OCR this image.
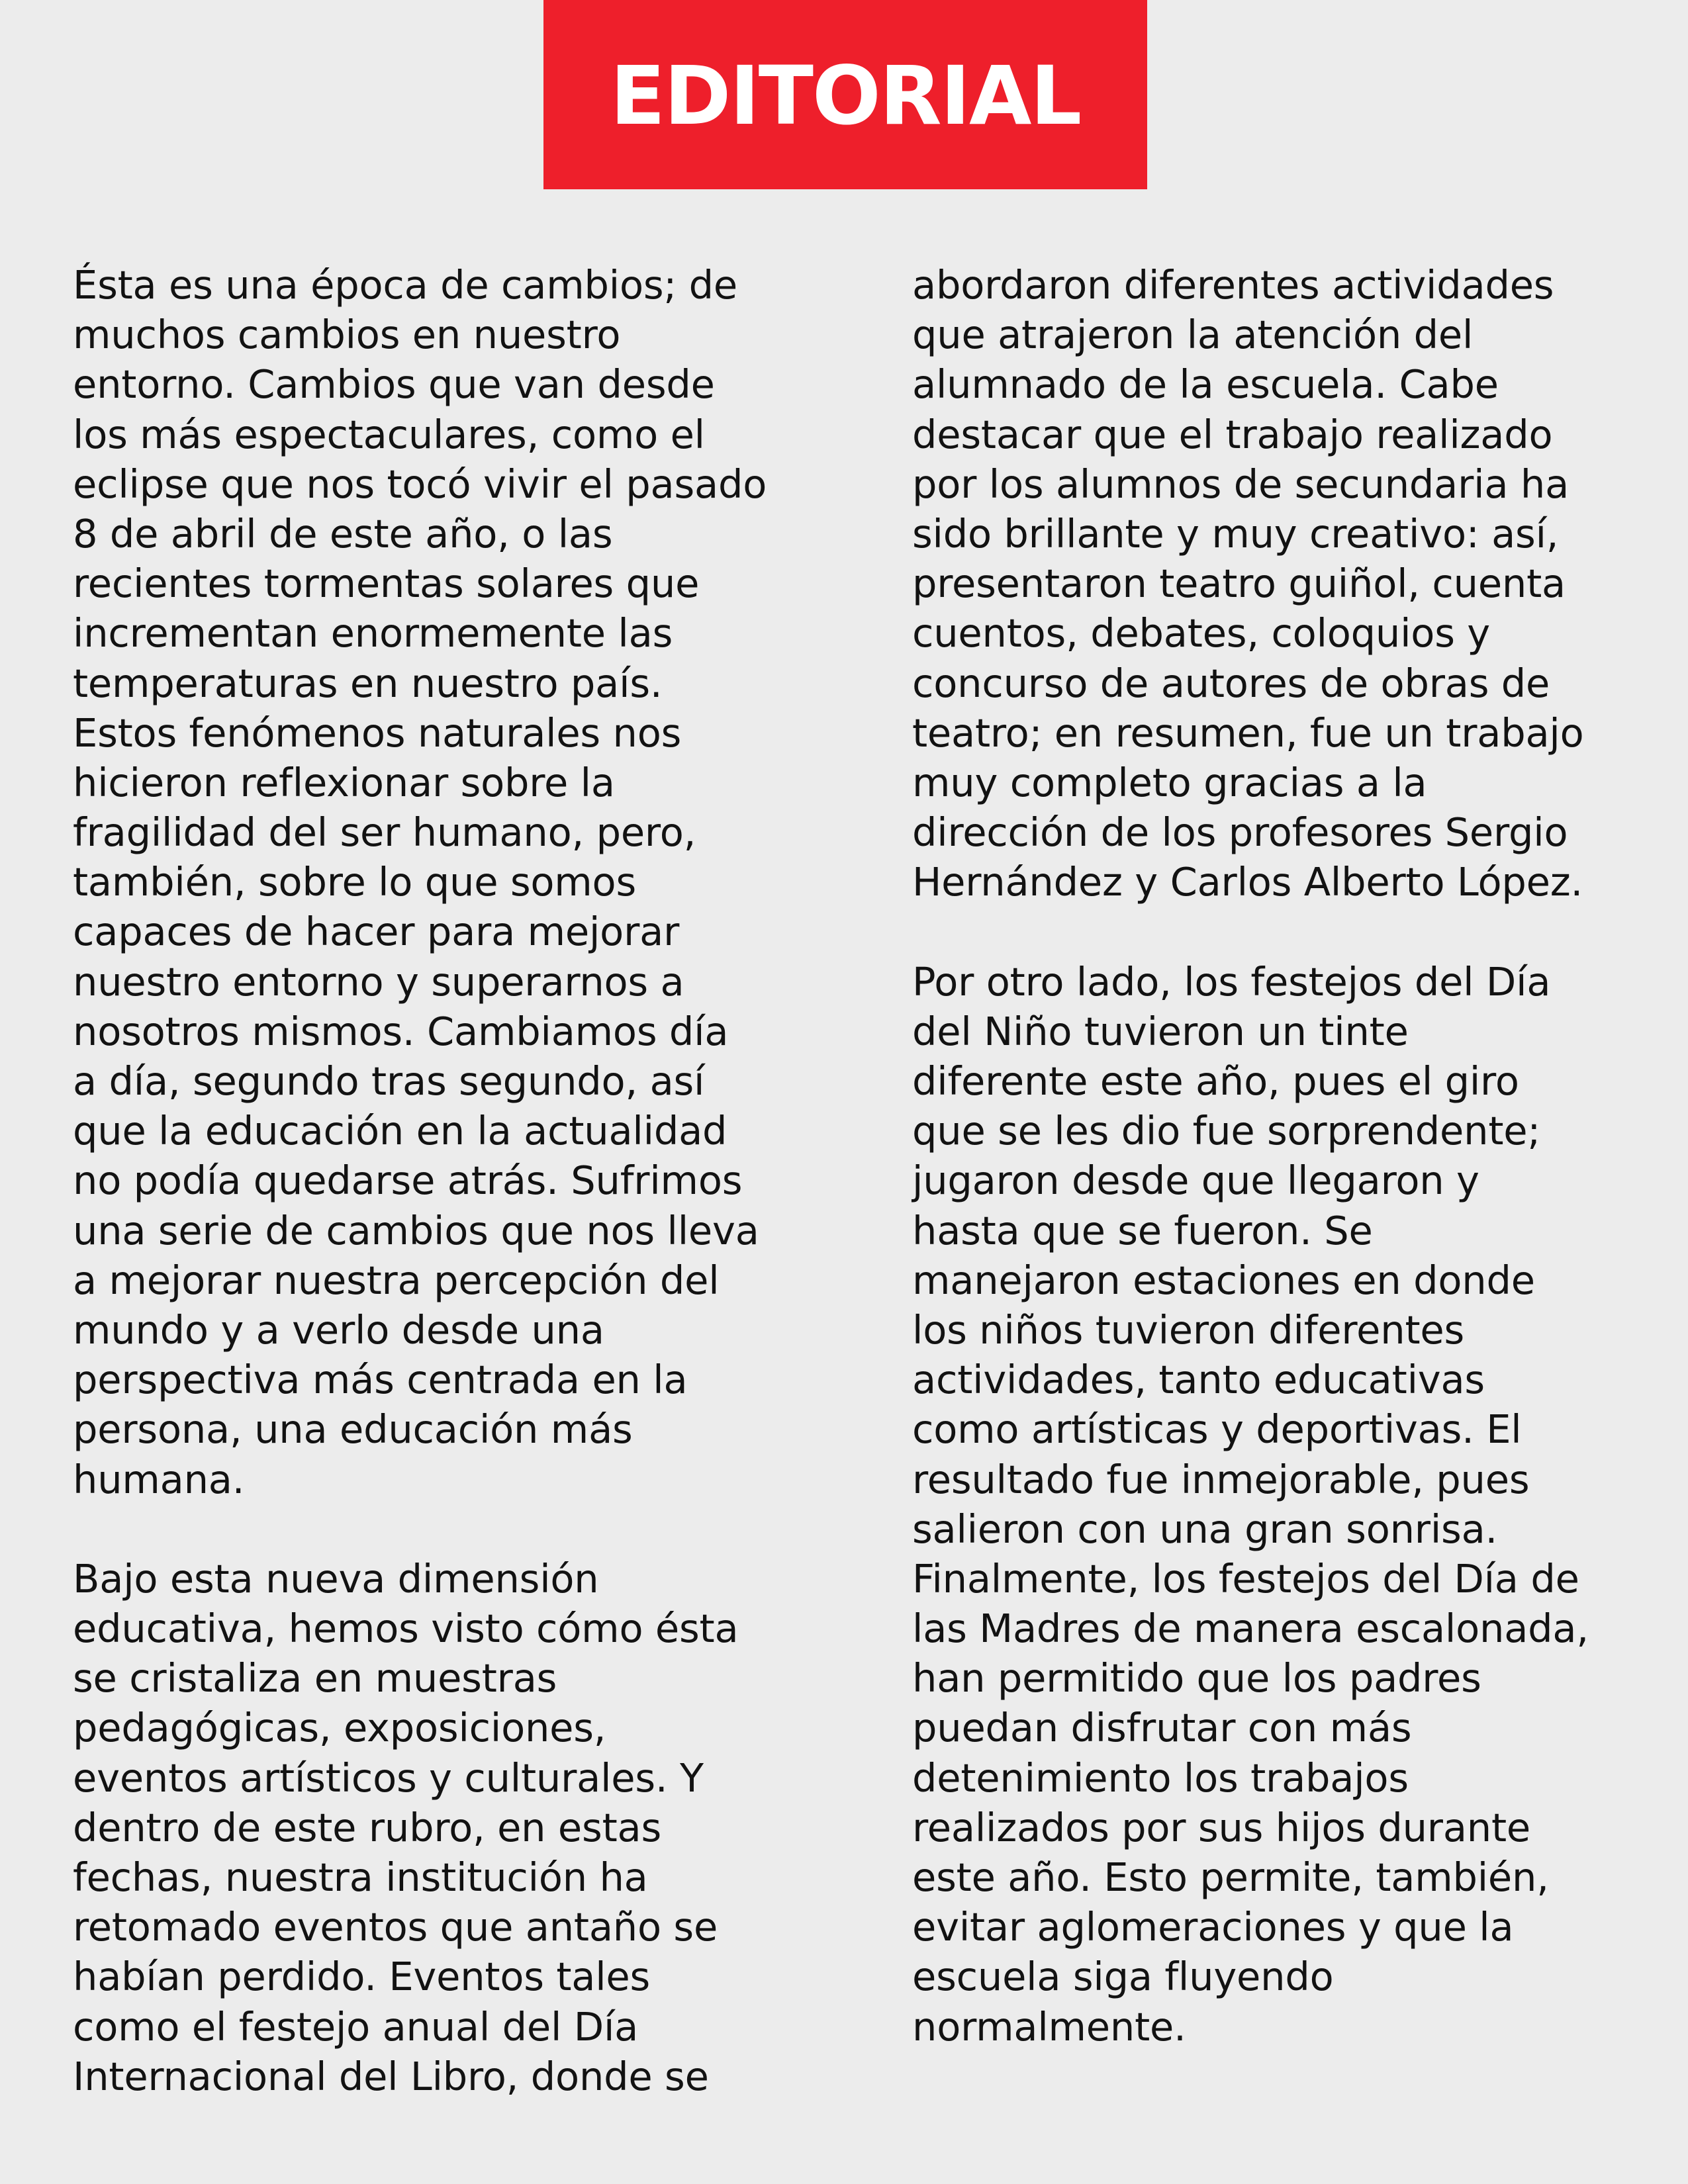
EDITORIAL
Ésta es una época de cambios; de
muchos cambios en nuestro
entorno. Cambios que van desde
los más espectaculares, como el
eclipse que nos tocó vivir el pasado
8 de abril de este año, o las
recientes tormentas solares que
incrementan enormemente las
temperaturas en nuestro país.
Estos fenómenos naturales nos
hicieron reflexionar sobre la
fragilidad del ser humano, pero,
también, sobre lo que somos
capaces de hacer para mejorar
nuestro entorno y superarnos a
nosotros mismos. Cambiamos día
a día, segundo tras segundo, así
que la educación en la actualidad
no podía quedarse atrás. Sufrimos
una serie de cambios que nos lleva
a mejorar nuestra percepción del
mundo y a verlo desde una
perspectiva más centrada en la
persona, una educación más
humana.
Bajo esta nueva dimensión
educativa, hemos visto cómo ésta
se cristaliza en muestras
pedagógicas, exposiciones,
eventos artísticos y culturales. Y
dentro de este rubro, en estas
fechas, nuestra institución ha
retomado eventos que antaño se
habían perdido. Eventos tales
como el festejo anual del Día
Internacional del Libro, donde se
abordaron diferentes actividades
que atrajeron la atención del
alumnado de la escuela. Cabe
destacar que el trabajo realizado
por los alumnos de secundaria ha
sido brillante y muy creativo: así,
presentaron teatro guiñol, cuenta
cuentos, debates, coloquios y
concurso de autores de obras de
teatro; en resumen, fue un trabajo
muy completo gracias a la
dirección de los profesores Sergio
Hernández y Carlos Alberto López.
Por otro lado, los festejos del Día
del Niño tuvieron un tinte
diferente este año, pues el giro
que se les dio fue sorprendente;
jugaron desde que llegaron y
hasta que se fueron. Se
manejaron estaciones en donde
los niños tuvieron diferentes
actividades, tanto educativas
como artísticas y deportivas. El
resultado fue inmejorable, pues
salieron con una gran sonrisa.
Finalmente, los festejos del Día de
las Madres de manera escalonada,
han permitido que los padres
puedan disfrutar con más
detenimiento los trabajos
realizados por sus hijos durante
este año. Esto permite, también,
evitar aglomeraciones y que la
escuela siga fluyendo
normalmente.
